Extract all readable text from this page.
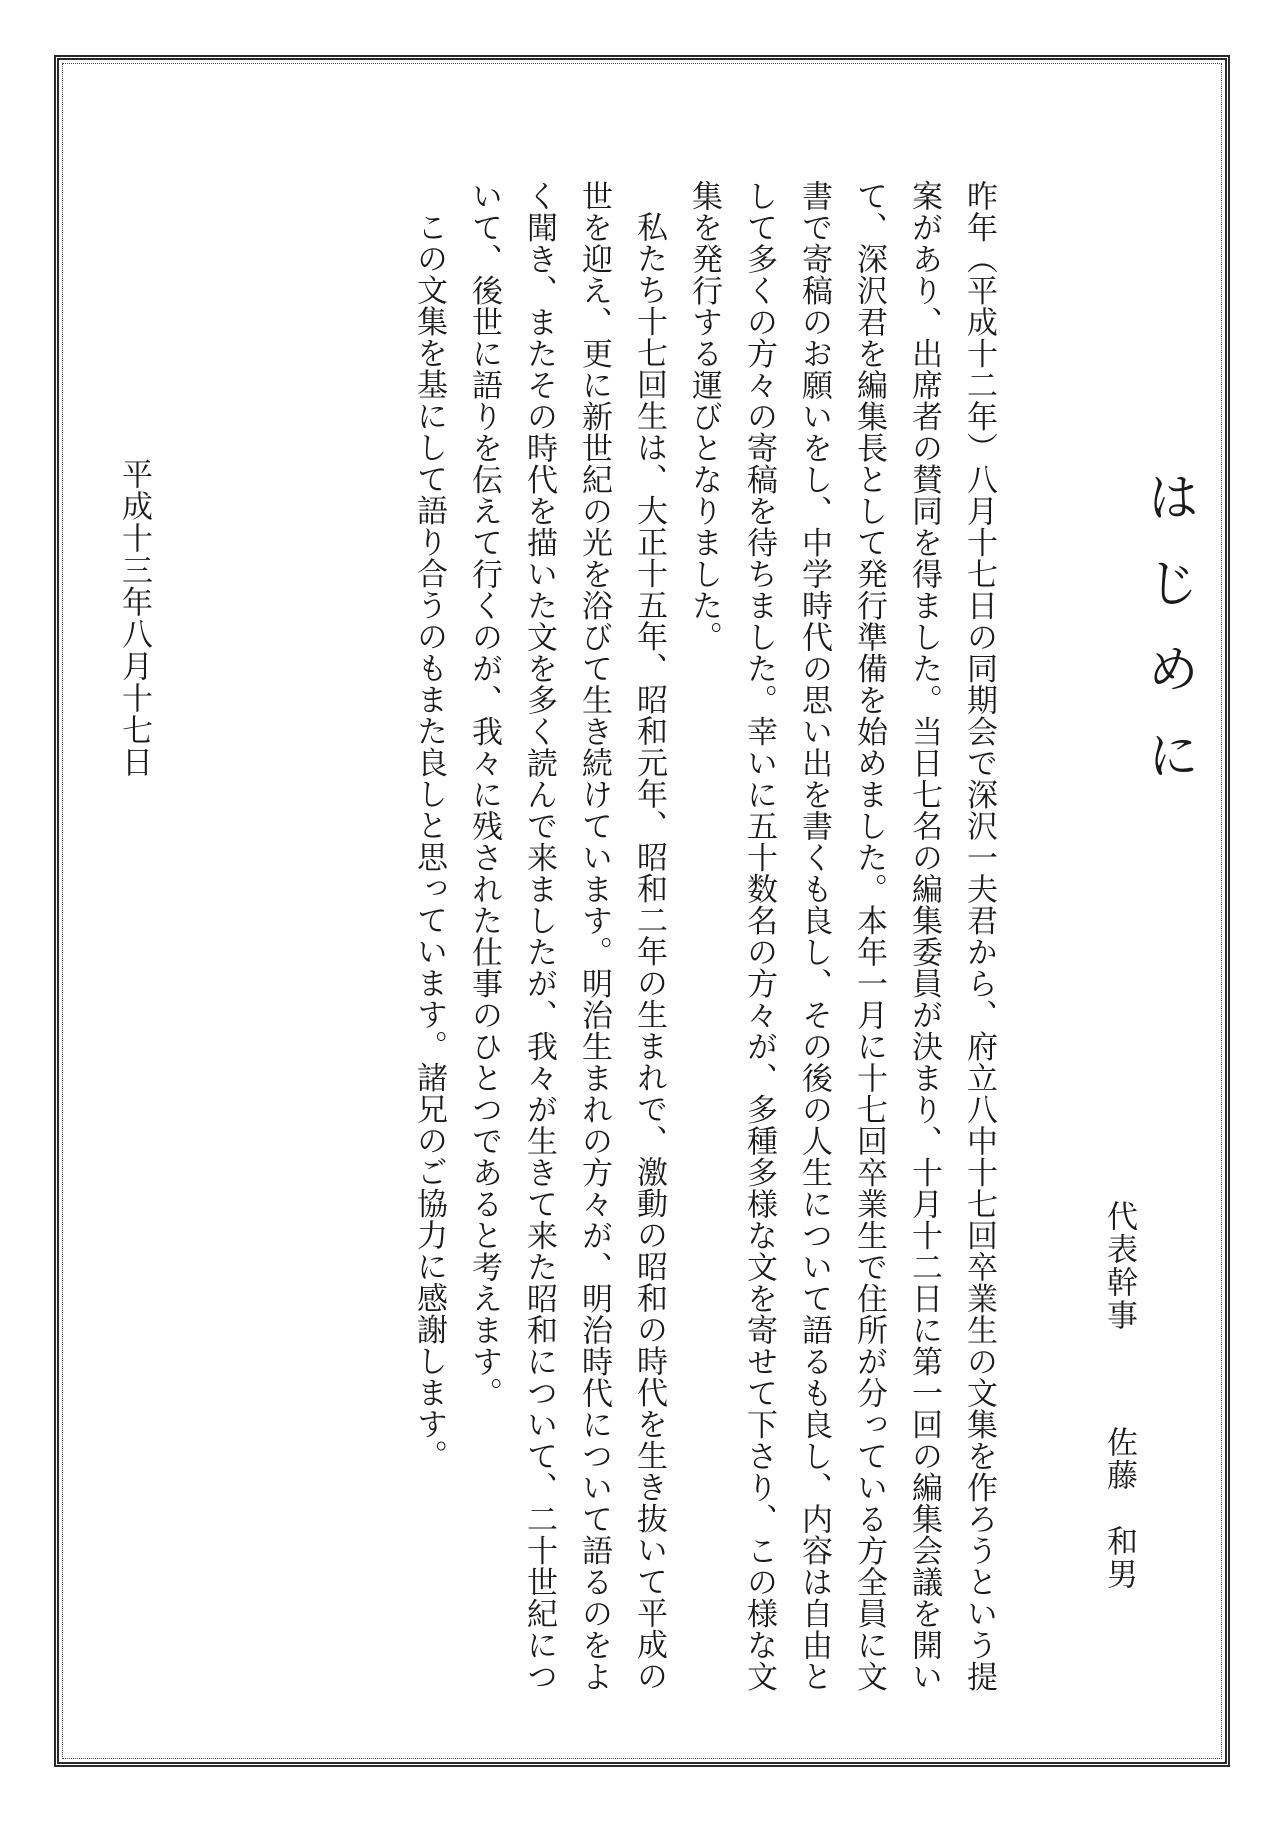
はじめに
代表幹事 佐藤　和男

昨年（平成十二年）八月十七日の同期会で深沢一夫君から、府立八中十七回卒業生の文集を作ろうという提案があり、出席者の賛同を得ました。当日七名の編集委員が決まり、十月十二日に第一回の編集会議を開いて、深沢君を編集長として発行準備を始めました。本年一月に十七回卒業生で住所が分っている方全員に文書で寄稿のお願いをし、中学時代の思い出を書くも良し、その後の人生について語るも良し、内容は自由として多くの方々の寄稿を待ちました。幸いに五十数名の方々が、多種多様な文を寄せて下さり、この様な文集を発行する運びとなりました。

私たち十七回生は、大正十五年、昭和元年、昭和二年の生まれで、激動の昭和の時代を生き抜いて平成の世を迎え、更に新世紀の光を浴びて生き続けています。明治生まれの方々が、明治時代について語るのをよく聞き、またその時代を描いた文を多く読んで来ましたが、我々が生きて来た昭和について、二十世紀について、後世に語りを伝えて行くのが、我々に残された仕事のひとつであると考えます。

この文集を基にして語り合うのもまた良しと思っています。諸兄のご協力に感謝します。

平成十三年八月十七日
